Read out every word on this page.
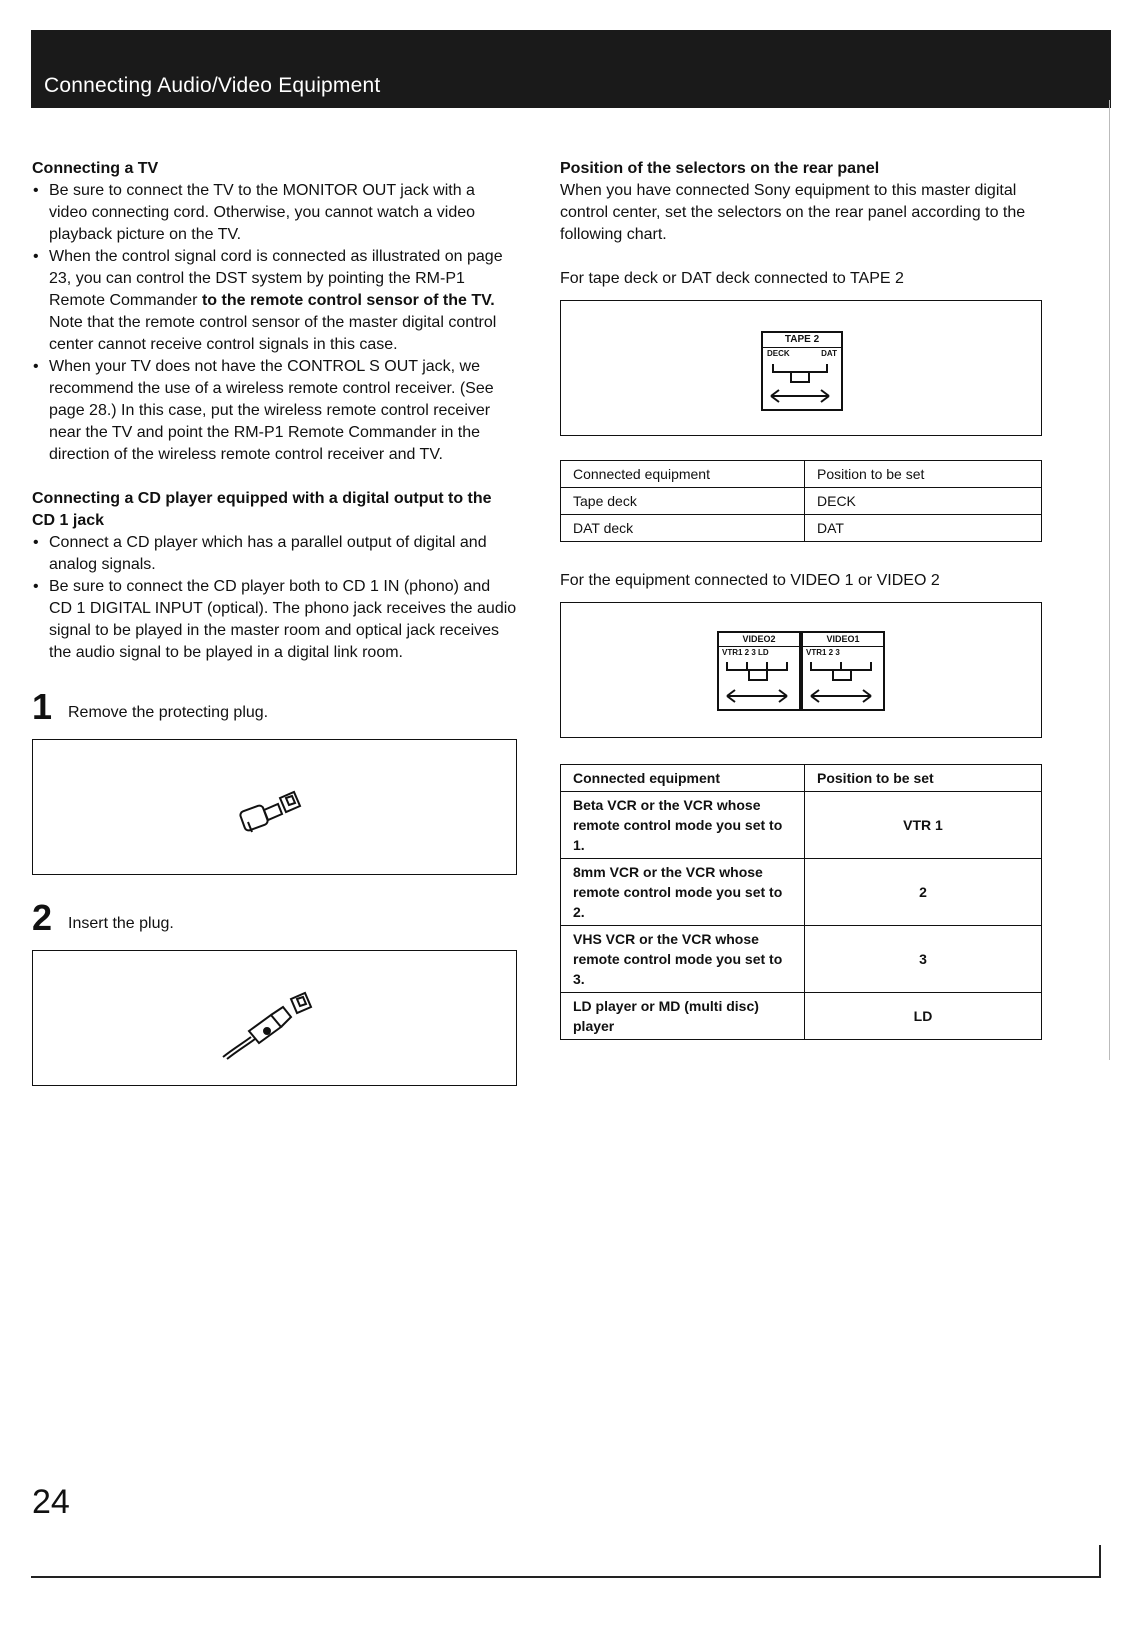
Connecting Audio/Video Equipment
Connecting a TV
• Be sure to connect the TV to the MONITOR OUT jack with a video connecting cord. Otherwise, you cannot watch a video playback picture on the TV.
• When the control signal cord is connected as illustrated on page 23, you can control the DST system by pointing the RM-P1 Remote Commander to the remote control sensor of the TV. Note that the remote control sensor of the master digital control center cannot receive control signals in this case.
• When your TV does not have the CONTROL S OUT jack, we recommend the use of a wireless remote control receiver. (See page 28.) In this case, put the wireless remote control receiver near the TV and point the RM-P1 Remote Commander in the direction of the wireless remote control receiver and TV.
Connecting a CD player equipped with a digital output to the CD 1 jack
• Connect a CD player which has a parallel output of digital and analog signals.
• Be sure to connect the CD player both to CD 1 IN (phono) and CD 1 DIGITAL INPUT (optical). The phono jack receives the audio signal to be played in the master room and optical jack receives the audio signal to be played in a digital link room.
1 Remove the protecting plug.
2 Insert the plug.
Position of the selectors on the rear panel

When you have connected Sony equipment to this master digital control center, set the selectors on the rear panel according to the following chart.

For tape deck or DAT deck connected to TAPE 2

TAPE 2
DECK	DAT
Connected equipment	Position to be set
Tape deck	DECK
DAT deck	DAT

For the equipment connected to VIDEO 1 or VIDEO 2

VIDEO2
VTR1 2 3 LD
VIDEO1
VTR1 2 3
Connected equipment	Position to be set
Beta VCR or the VCR whose remote control mode you set to 1.	VTR 1
8mm VCR or the VCR whose remote control mode you set to 2.	2
VHS VCR or the VCR whose remote control mode you set to 3.	3
LD player or MD (multi disc) player	LD
24
